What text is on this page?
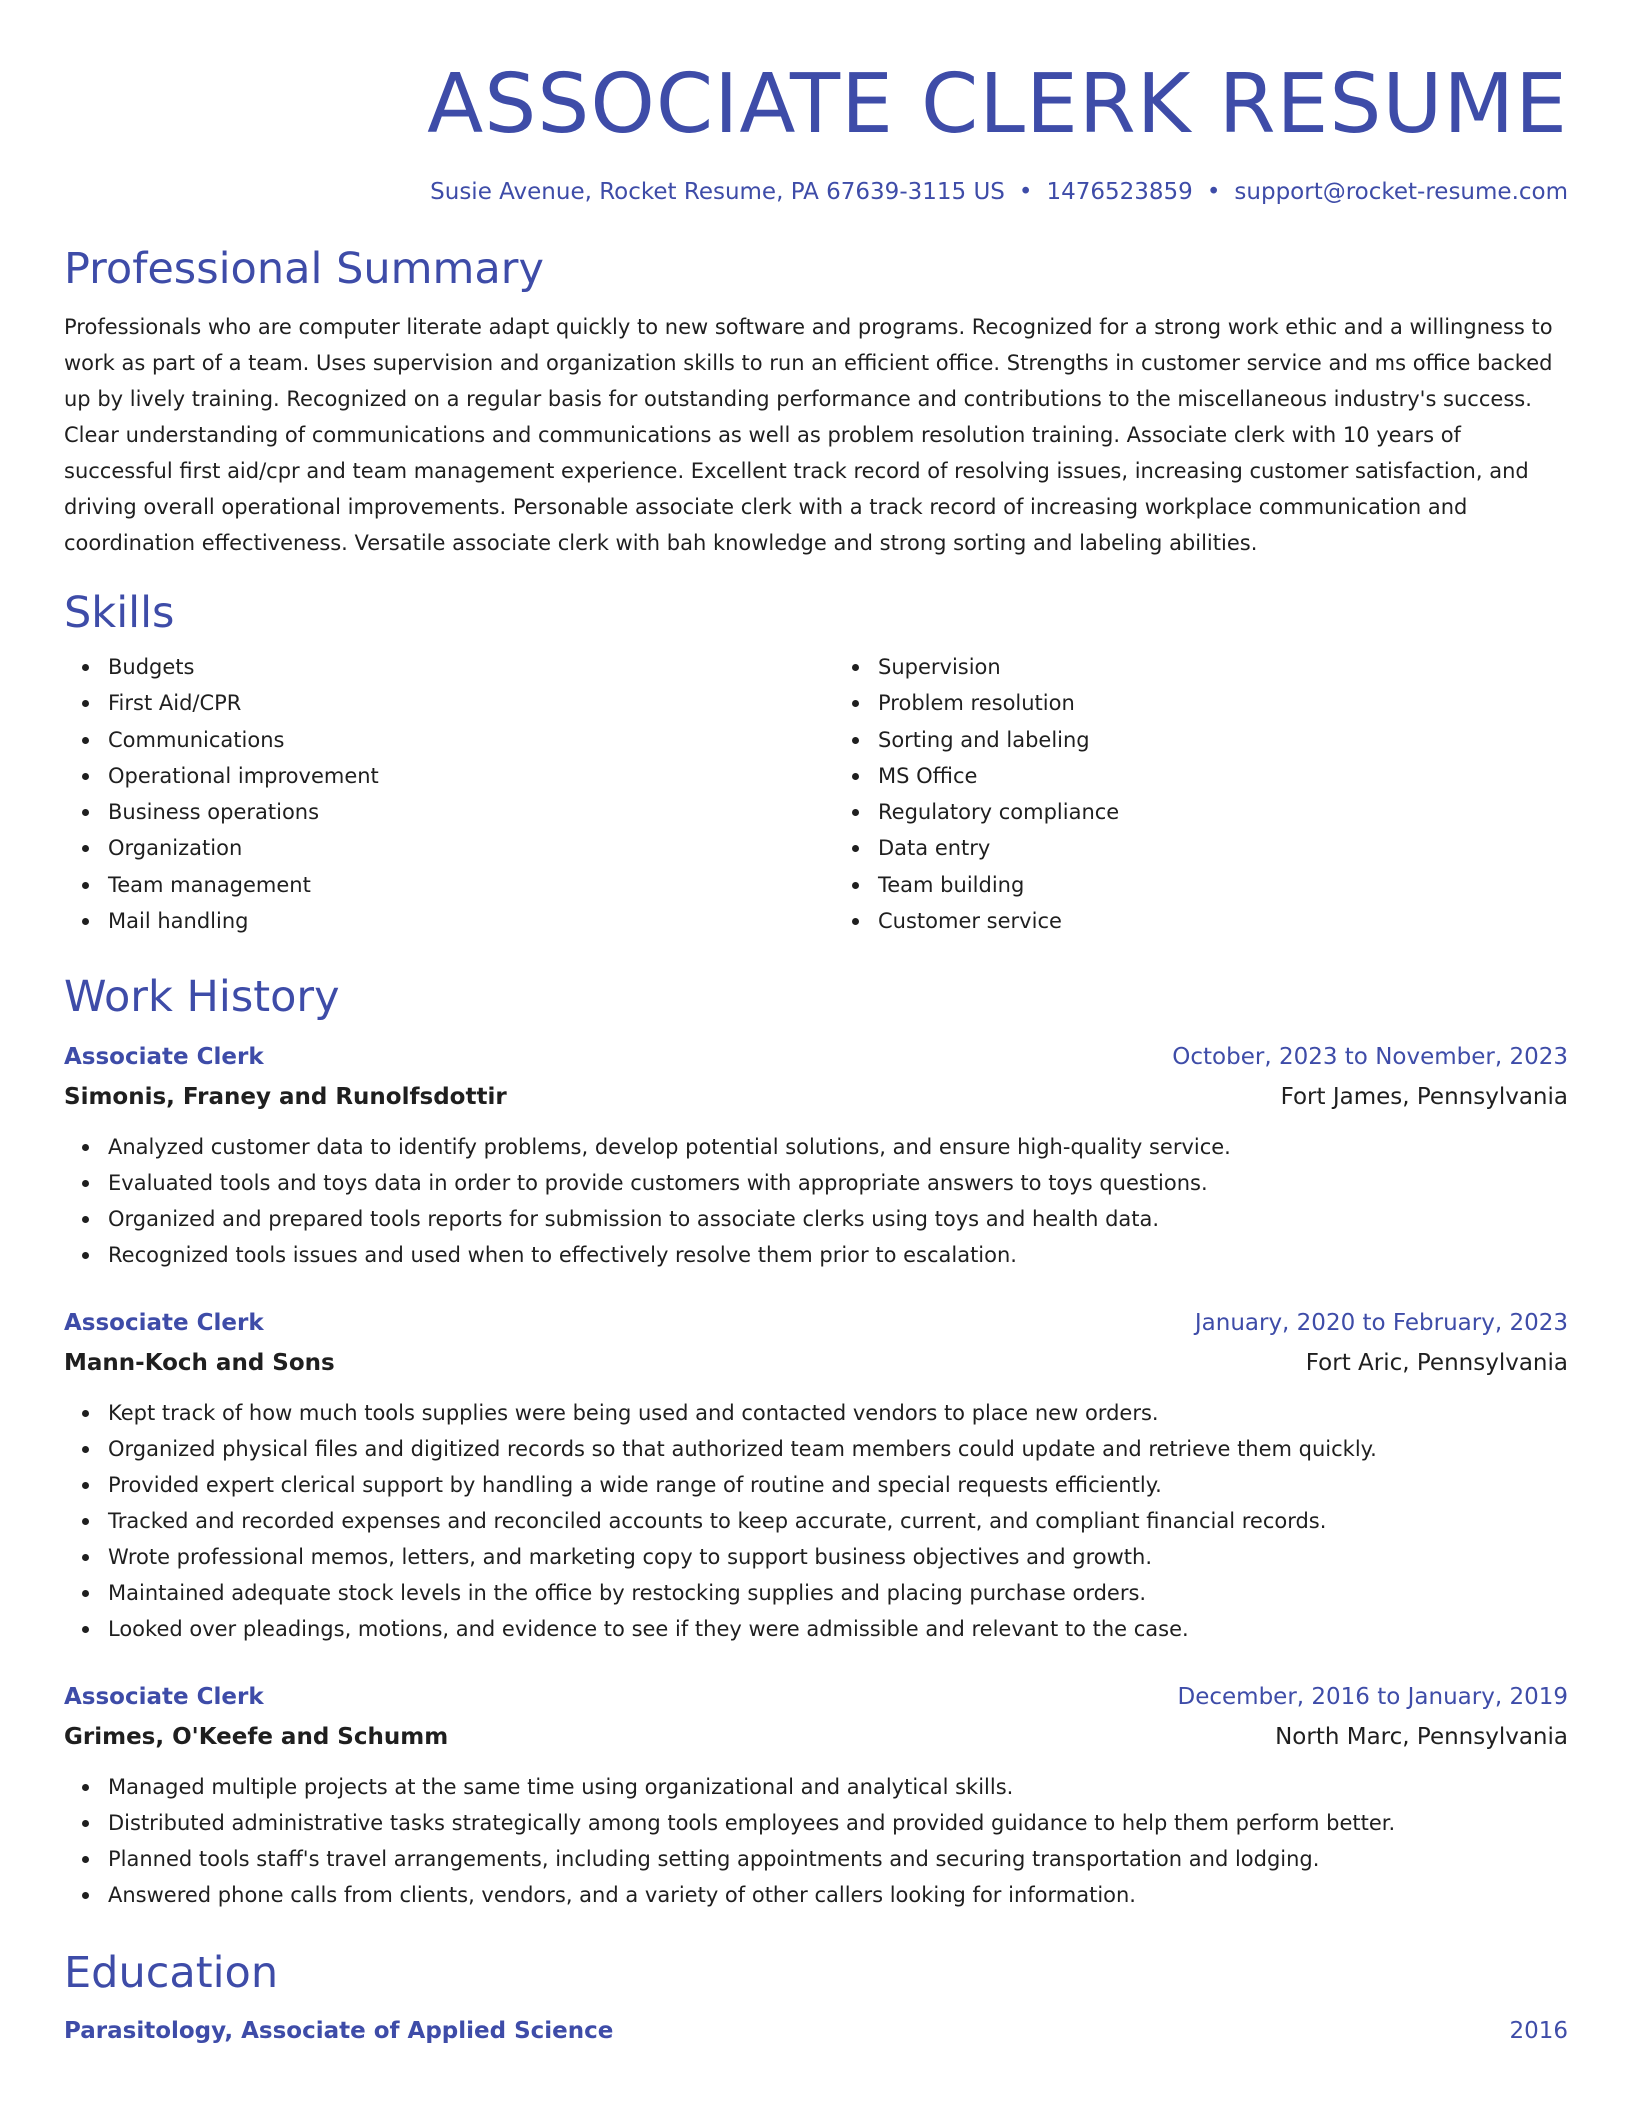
ASSOCIATE CLERK RESUME
Susie Avenue, Rocket Resume, PA 67639-3115 US • 1476523859 • support@rocket-resume.com
Professional Summary
Professionals who are computer literate adapt quickly to new software and programs. Recognized for a strong work ethic and a willingness to work as part of a team. Uses supervision and organization skills to run an efficient office. Strengths in customer service and ms office backed up by lively training. Recognized on a regular basis for outstanding performance and contributions to the miscellaneous industry's success. Clear understanding of communications and communications as well as problem resolution training. Associate clerk with 10 years of successful first aid/cpr and team management experience. Excellent track record of resolving issues, increasing customer satisfaction, and driving overall operational improvements. Personable associate clerk with a track record of increasing workplace communication and coordination effectiveness. Versatile associate clerk with bah knowledge and strong sorting and labeling abilities.
Skills
Budgets
First Aid/CPR
Communications
Operational improvement
Business operations
Organization
Team management
Mail handling
Supervision
Problem resolution
Sorting and labeling
MS Office
Regulatory compliance
Data entry
Team building
Customer service
Work History
Associate Clerk	October, 2023 to November, 2023
Simonis, Franey and Runolfsdottir	Fort James, Pennsylvania
Analyzed customer data to identify problems, develop potential solutions, and ensure high-quality service.
Evaluated tools and toys data in order to provide customers with appropriate answers to toys questions.
Organized and prepared tools reports for submission to associate clerks using toys and health data.
Recognized tools issues and used when to effectively resolve them prior to escalation.
Associate Clerk	January, 2020 to February, 2023
Mann-Koch and Sons	Fort Aric, Pennsylvania
Kept track of how much tools supplies were being used and contacted vendors to place new orders.
Organized physical files and digitized records so that authorized team members could update and retrieve them quickly.
Provided expert clerical support by handling a wide range of routine and special requests efficiently.
Tracked and recorded expenses and reconciled accounts to keep accurate, current, and compliant financial records.
Wrote professional memos, letters, and marketing copy to support business objectives and growth.
Maintained adequate stock levels in the office by restocking supplies and placing purchase orders.
Looked over pleadings, motions, and evidence to see if they were admissible and relevant to the case.
Associate Clerk	December, 2016 to January, 2019
Grimes, O'Keefe and Schumm	North Marc, Pennsylvania
Managed multiple projects at the same time using organizational and analytical skills.
Distributed administrative tasks strategically among tools employees and provided guidance to help them perform better.
Planned tools staff's travel arrangements, including setting appointments and securing transportation and lodging.
Answered phone calls from clients, vendors, and a variety of other callers looking for information.
Education
Parasitology, Associate of Applied Science	2016
